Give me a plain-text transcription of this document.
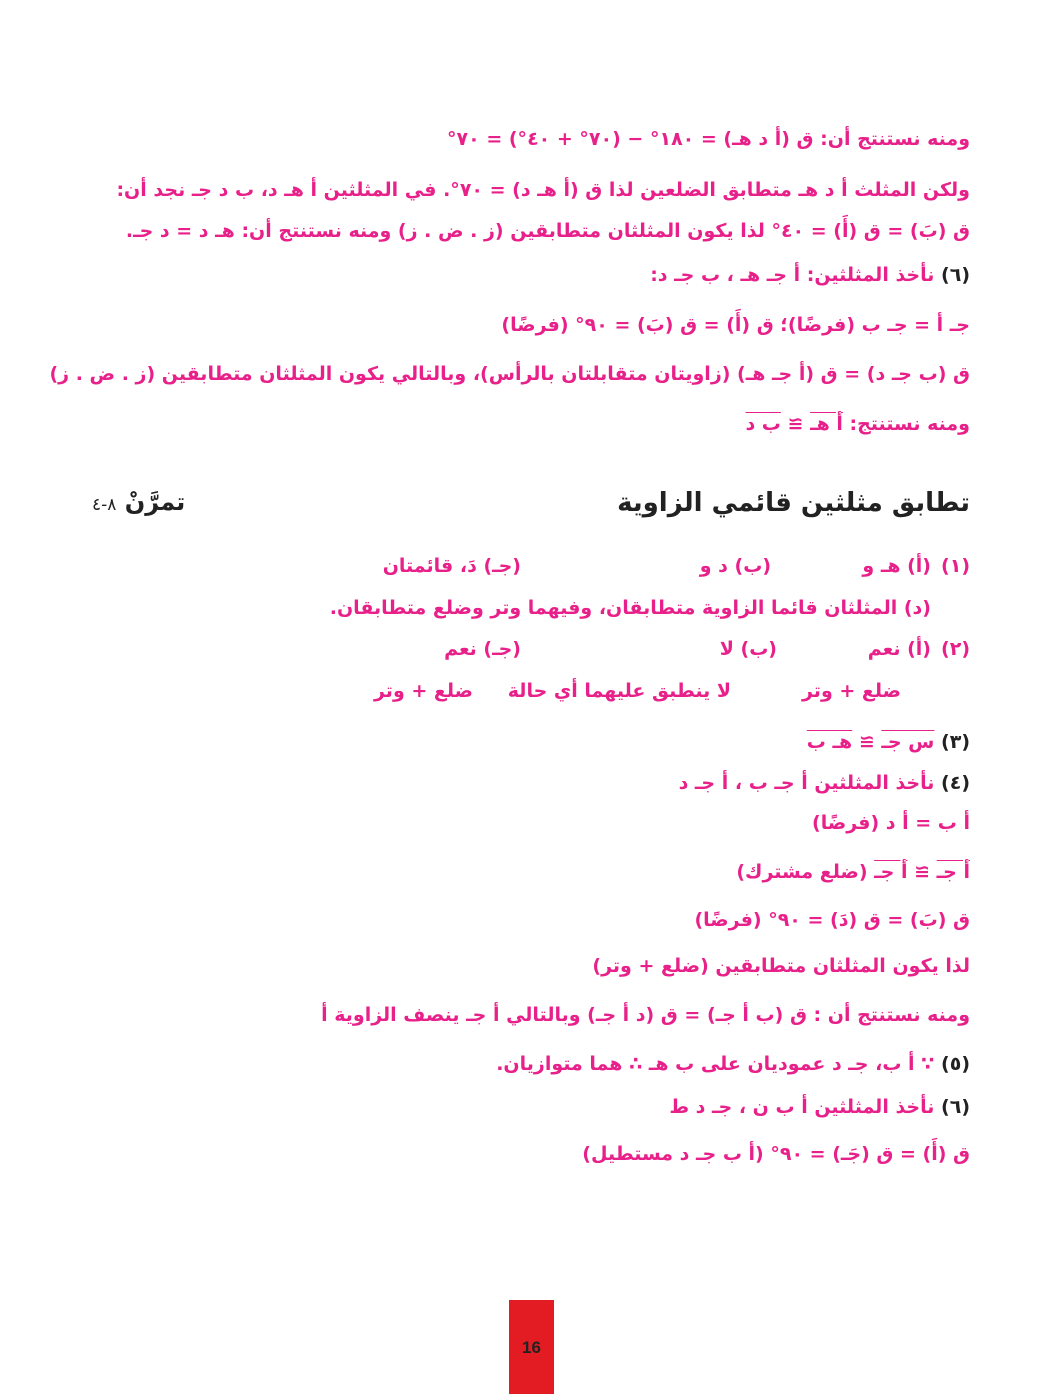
ومنه نستنتج أن: ق (أ د هـ) = ١٨٠° − (٧٠° + ٤٠°) = ٧٠°
ولكن المثلث أ د هـ متطابق الضلعين لذا ق (أ هـ د) = ٧٠°. في المثلثين أ هـ د، ب د جـ نجد أن:
ق (بَ) = ق (أَ) = ٤٠° لذا يكون المثلثان متطابقين (ز . ض . ز) ومنه نستنتج أن: هـ د = د جـ.
(٦) نأخذ المثلثين: أ جـ هـ ، ب جـ د:
جـ أ = جـ ب (فرضًا)؛ ق (أَ) = ق (بَ) = ٩٠° (فرضًا)
ق (ب جـ د) = ق (أ جـ هـ) (زاويتان متقابلتان بالرأس)، وبالتالي يكون المثلثان متطابقين (ز . ض . ز)
ومنه نستنتج: أ هـ ≅ ب د
تطابق مثلثين قائمي الزاوية
تمرَّنْ ٨-٤
(١)
(أ) هـ و
(ب) د و
(جـ) دَ، قائمتان
(د) المثلثان قائما الزاوية متطابقان، وفيهما وتر وضلع متطابقان.
(٢)
(أ) نعم
(ب) لا
(جـ) نعم
ضلع + وتر
لا ينطبق عليهما أي حالة
ضلع + وتر
(٣) س جـ ≅ هـ ب
(٤) نأخذ المثلثين أ جـ ب ، أ جـ د
أ ب = أ د (فرضًا)
أ جـ ≅ أ جـ (ضلع مشترك)
ق (بَ) = ق (دَ) = ٩٠° (فرضًا)
لذا يكون المثلثان متطابقين (ضلع + وتر)
ومنه نستنتج أن : ق (ب أ جـ) = ق (د أ جـ) وبالتالي أ جـ ينصف الزاوية أ
(٥) ∵ أ ب، جـ د عموديان على ب هـ ∴ هما متوازيان.
(٦) نأخذ المثلثين أ ب ن ، جـ د ط
ق (أَ) = ق (جَـ) = ٩٠° (أ ب جـ د مستطيل)
16
